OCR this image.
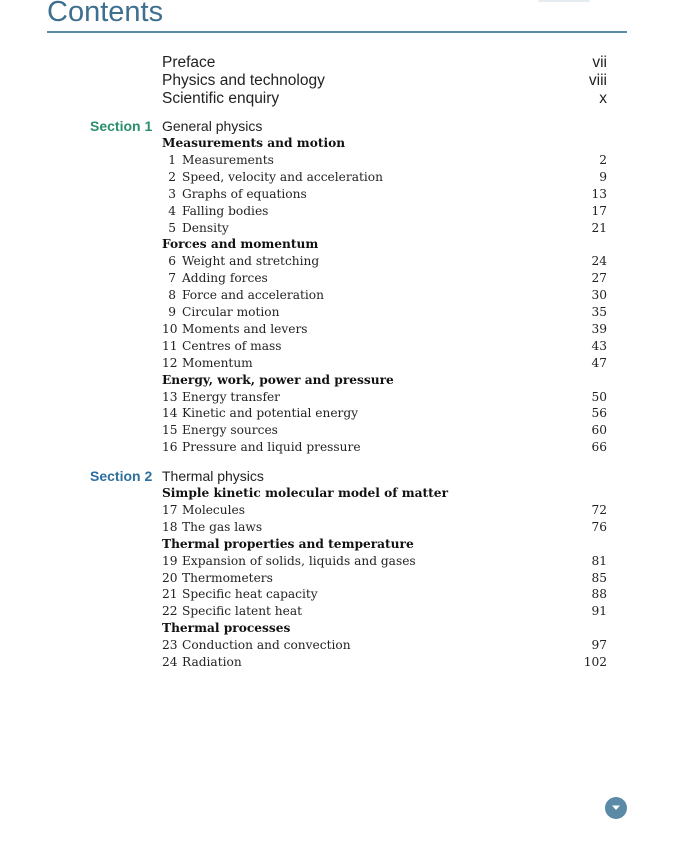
Contents
Preface	vii
Physics and technology	viii
Scientific enquiry	x
Section 1 General physics
Measurements and motion
1 Measurements	2
2 Speed, velocity and acceleration	9
3 Graphs of equations	13
4 Falling bodies	17
5 Density	21
Forces and momentum
6 Weight and stretching	24
7 Adding forces	27
8 Force and acceleration	30
9 Circular motion	35
10 Moments and levers	39
11 Centres of mass	43
12 Momentum	47
Energy, work, power and pressure
13 Energy transfer	50
14 Kinetic and potential energy	56
15 Energy sources	60
16 Pressure and liquid pressure	66
Section 2 Thermal physics
Simple kinetic molecular model of matter
17 Molecules	72
18 The gas laws	76
Thermal properties and temperature
19 Expansion of solids, liquids and gases	81
20 Thermometers	85
21 Specific heat capacity	88
22 Specific latent heat	91
Thermal processes
23 Conduction and convection	97
24 Radiation	102
